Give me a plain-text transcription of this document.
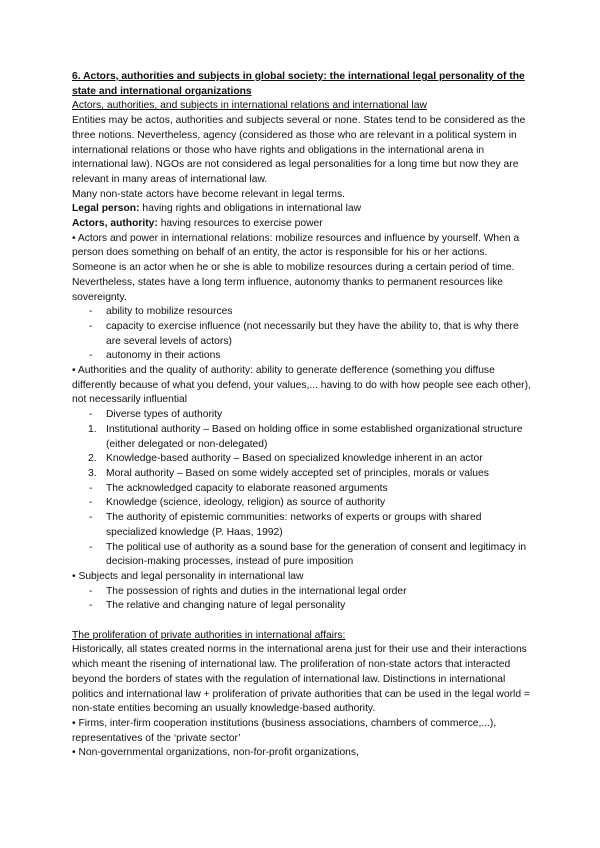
6. Actors, authorities and subjects in global society: the international legal personality of the state and international organizations

Actors, authorities, and subjects in international relations and international law

Entities may be actos, authorities and subjects several or none. States tend to be considered as the three notions. Nevertheless, agency (considered as those who are relevant in a political system in international relations or those who have rights and obligations in the international arena in international law). NGOs are not considered as legal personalities for a long time but now they are relevant in many areas of international law.

Many non-state actors have become relevant in legal terms.

Legal person: having rights and obligations in international law

Actors, authority: having resources to exercise power

• Actors and power in international relations: mobilize resources and influence by yourself. When a person does something on behalf of an entity, the actor is responsible for his or her actions. Someone is an actor when he or she is able to mobilize resources during a certain period of time. Nevertheless, states have a long term influence, autonomy thanks to permanent resources like sovereignty.

- ability to mobilize resources

- capacity to exercise influence (not necessarily but they have the ability to, that is why there are several levels of actors)

- autonomy in their actions

• Authorities and the quality of authority: ability to generate defference (something you diffuse differently because of what you defend, your values,... having to do with how people see each other), not necessarily influential

- Diverse types of authority

1. Institutional authority – Based on holding office in some established organizational structure (either delegated or non-delegated)

2. Knowledge-based authority – Based on specialized knowledge inherent in an actor

3. Moral authority – Based on some widely accepted set of principles, morals or values

- The acknowledged capacity to elaborate reasoned arguments

- Knowledge (science, ideology, religion) as source of authority

- The authority of epistemic communities: networks of experts or groups with shared specialized knowledge (P. Haas, 1992)

- The political use of authority as a sound base for the generation of consent and legitimacy in decision-making processes, instead of pure imposition

• Subjects and legal personality in international law

- The possession of rights and duties in the international legal order

- The relative and changing nature of legal personality

The proliferation of private authorities in international affairs:

Historically, all states created norms in the international arena just for their use and their interactions which meant the risening of international law. The proliferation of non-state actors that interacted beyond the borders of states with the regulation of international law. Distinctions in international politics and international law + proliferation of private authorities that can be used in the legal world = non-state entities becoming an usually knowledge-based authority.

• Firms, inter-firm cooperation institutions (business associations, chambers of commerce,...), representatives of the ‘private sector’

• Non-governmental organizations, non-for-profit organizations,
